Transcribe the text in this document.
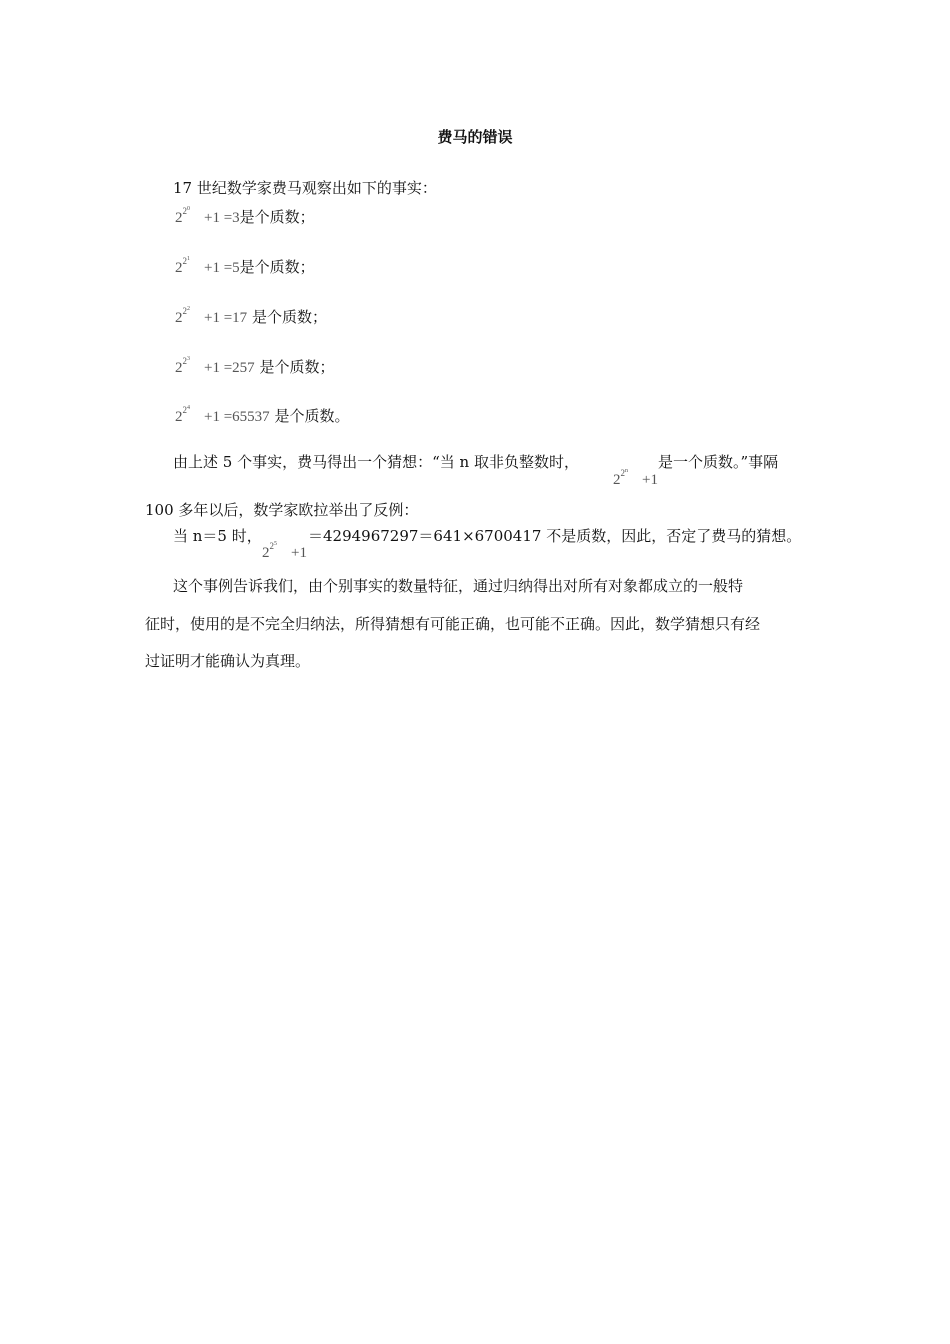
费马的错误
17 世纪数学家费马观察出如下的事实：
$2^{20}+1 =3$是个质数；
$2^{21}+1 =5$是个质数；
$2^{22}+1 =17$ 是个质数；
$2^{23}+1 =257$ 是个质数；
$2^{24}+1 =65537$ 是个质数。
由上述 5 个事实，费马得出一个猜想：“当 n 取非负整数时，
$2^{2n}+1$
是一个质数。”事隔
100 多年以后，数学家欧拉举出了反例：
当 n＝5 时，
$2^{25}+1$
＝4294967297＝641×6700417 不是质数，因此，否定了费马的猜想。
这个事例告诉我们，由个别事实的数量特征，通过归纳得出对所有对象都成立的一般特
征时，使用的是不完全归纳法，所得猜想有可能正确，也可能不正确。因此，数学猜想只有经
过证明才能确认为真理。
